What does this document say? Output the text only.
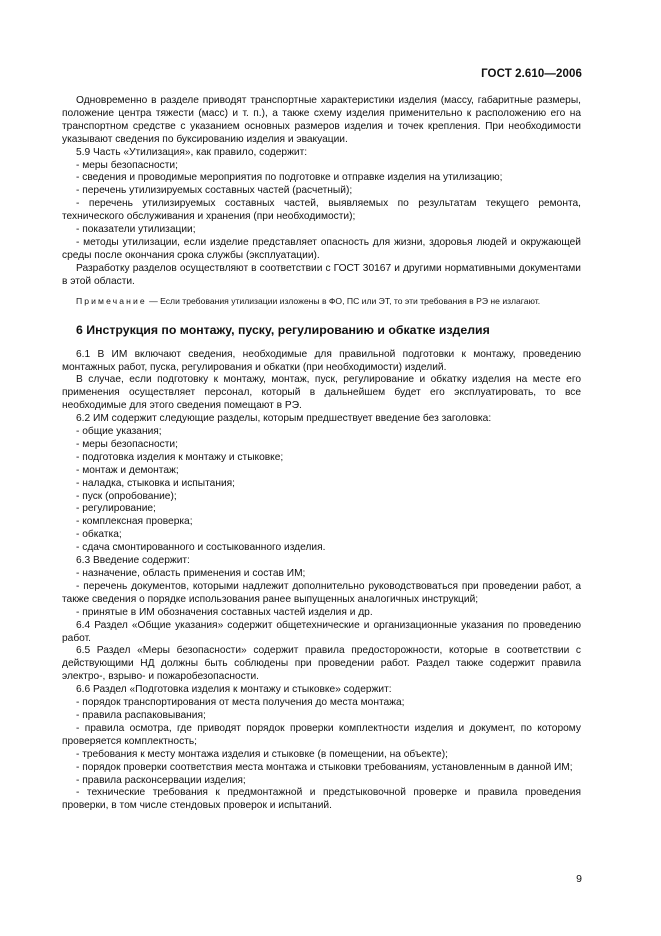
ГОСТ 2.610—2006

Одновременно в разделе приводят транспортные характеристики изделия (массу, габаритные размеры, положение центра тяжести (масс) и т. п.), а также схему изделия применительно к расположению его на транспортном средстве с указанием основных размеров изделия и точек крепления. При необходимости указывают сведения по буксированию изделия и эвакуации.

5.9 Часть «Утилизация», как правило, содержит:

- меры безопасности;
- сведения и проводимые мероприятия по подготовке и отправке изделия на утилизацию;
- перечень утилизируемых составных частей (расчетный);
- перечень утилизируемых составных частей, выявляемых по результатам текущего ремонта, технического обслуживания и хранения (при необходимости);
- показатели утилизации;
- методы утилизации, если изделие представляет опасность для жизни, здоровья людей и окружающей среды после окончания срока службы (эксплуатации).

Разработку разделов осуществляют в соответствии с ГОСТ 30167 и другими нормативными документами в этой области.

Примечание — Если требования утилизации изложены в ФО, ПС или ЭТ, то эти требования в РЭ не излагают.

6 Инструкция по монтажу, пуску, регулированию и обкатке изделия

6.1 В ИМ включают сведения, необходимые для правильной подготовки к монтажу, проведению монтажных работ, пуска, регулирования и обкатки (при необходимости) изделий.

В случае, если подготовку к монтажу, монтаж, пуск, регулирование и обкатку изделия на месте его применения осуществляет персонал, который в дальнейшем будет его эксплуатировать, то все необходимые для этого сведения помещают в РЭ.

6.2 ИМ содержит следующие разделы, которым предшествует введение без заголовка:

- общие указания;
- меры безопасности;
- подготовка изделия к монтажу и стыковке;
- монтаж и демонтаж;
- наладка, стыковка и испытания;
- пуск (опробование);
- регулирование;
- комплексная проверка;
- обкатка;
- сдача смонтированного и состыкованного изделия.

6.3 Введение содержит:

- назначение, область применения и состав ИМ;
- перечень документов, которыми надлежит дополнительно руководствоваться при проведении работ, а также сведения о порядке использования ранее выпущенных аналогичных инструкций;
- принятые в ИМ обозначения составных частей изделия и др.

6.4 Раздел «Общие указания» содержит общетехнические и организационные указания по проведению работ.

6.5 Раздел «Меры безопасности» содержит правила предосторожности, которые в соответствии с действующими НД должны быть соблюдены при проведении работ. Раздел также содержит правила электро-, взрыво- и пожаробезопасности.

6.6 Раздел «Подготовка изделия к монтажу и стыковке» содержит:

- порядок транспортирования от места получения до места монтажа;
- правила распаковывания;
- правила осмотра, где приводят порядок проверки комплектности изделия и документ, по которому проверяется комплектность;
- требования к месту монтажа изделия и стыковке (в помещении, на объекте);
- порядок проверки соответствия места монтажа и стыковки требованиям, установленным в данной ИМ;
- правила расконсервации изделия;
- технические требования к предмонтажной и предстыковочной проверке и правила проведения проверки, в том числе стендовых проверок и испытаний.
9
